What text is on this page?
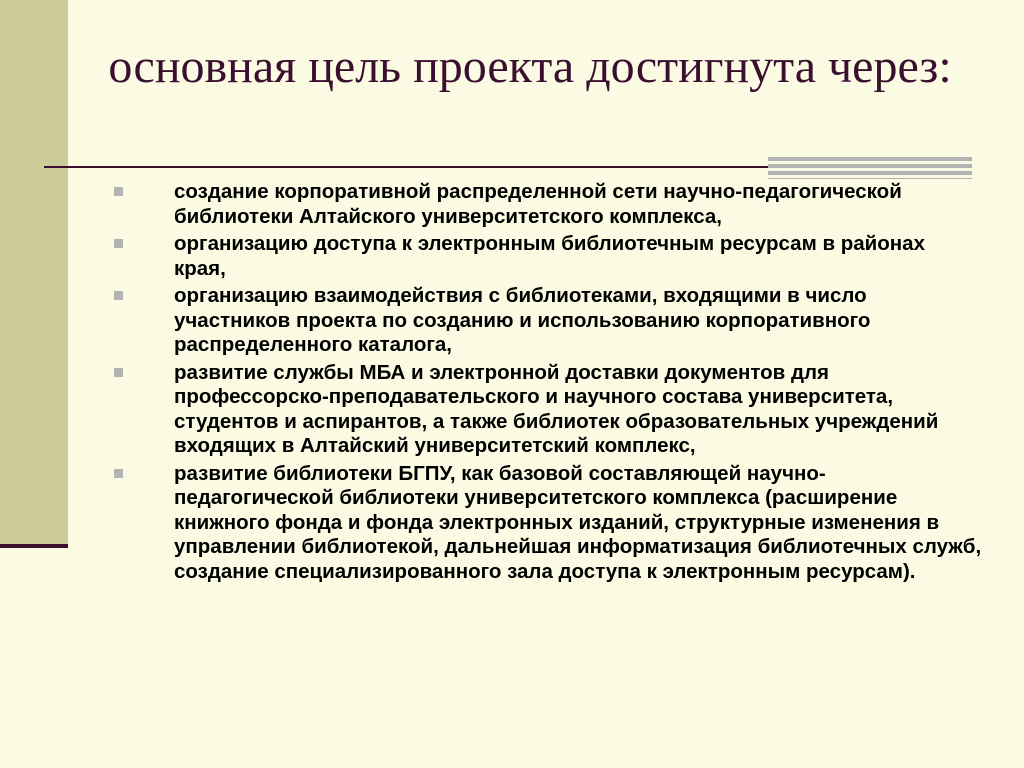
основная цель проекта достигнута через:
создание корпоративной распределенной сети научно-педагогической библиотеки Алтайского университетского комплекса,
организацию доступа к электронным библиотечным ресурсам в районах края,
организацию взаимодействия с библиотеками, входящими в число участников проекта по созданию и использованию корпоративного распределенного каталога,
развитие службы МБА и электронной доставки документов для профессорско-преподавательского и научного состава университета, студентов и аспирантов, а также библиотек образовательных учреждений входящих в Алтайский университетский комплекс,
развитие библиотеки БГПУ, как базовой составляющей научно-педагогической библиотеки университетского комплекса (расширение книжного фонда и фонда электронных изданий, структурные изменения в управлении библиотекой, дальнейшая информатизация библиотечных служб, создание специализированного зала доступа к электронным ресурсам).
